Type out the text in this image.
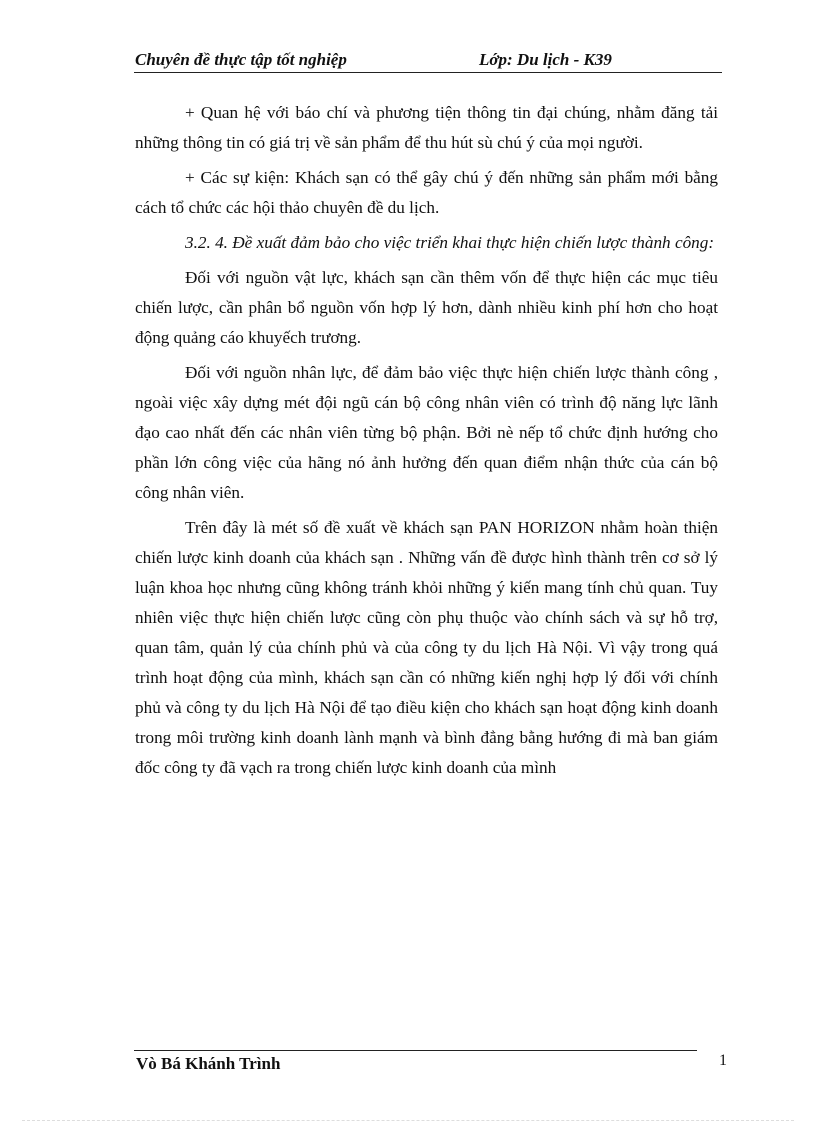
Chuyên đề thực tập tốt nghiệp	Lớp: Du lịch - K39

+ Quan hệ với báo chí và phương tiện thông tin đại chúng, nhằm đăng tải những thông tin có giá trị về sản phẩm để thu hút sù chú ý của mọi người.

+ Các sự kiện: Khách sạn có thể gây chú ý đến những sản phẩm mới bằng cách tổ chức các hội thảo chuyên đề du lịch.

3.2. 4. Đề xuất đảm bảo cho việc triển khai thực hiện chiến lược thành công:

Đối với nguồn vật lực, khách sạn cần thêm vốn để thực hiện các mục tiêu chiến lược, cần phân bổ nguồn vốn hợp lý hơn, dành nhiều kinh phí hơn cho hoạt động quảng cáo khuyếch trương.

Đối với nguồn nhân lực, để đảm bảo việc thực hiện chiến lược thành công , ngoài việc xây dựng mét đội ngũ cán bộ công nhân viên có trình độ năng lực lãnh đạo cao nhất đến các nhân viên từng bộ phận. Bởi nè nếp tổ chức định hướng cho phần lớn công việc của hãng nó ảnh hưởng đến quan điểm nhận thức của cán bộ công nhân viên.

Trên đây là mét số đề xuất về khách sạn PAN HORIZON nhằm hoàn thiện chiến lược kinh doanh của khách sạn . Những vấn đề được hình thành trên cơ sở lý luận khoa học nhưng cũng không tránh khỏi những ý kiến mang tính chủ quan. Tuy nhiên việc thực hiện chiến lược cũng còn phụ thuộc vào chính sách và sự hỗ trợ, quan tâm, quản lý của chính phủ và của công ty du lịch Hà Nội. Vì vậy trong quá trình hoạt động của mình, khách sạn cần có những kiến nghị hợp lý đối với chính phủ và công ty du lịch Hà Nội để tạo điều kiện cho khách sạn hoạt động kinh doanh trong môi trường kinh doanh lành mạnh và bình đẳng bằng hướng đi mà ban giám đốc công ty đã vạch ra trong chiến lược kinh doanh của mình

Vò Bá Khánh Trình	1
